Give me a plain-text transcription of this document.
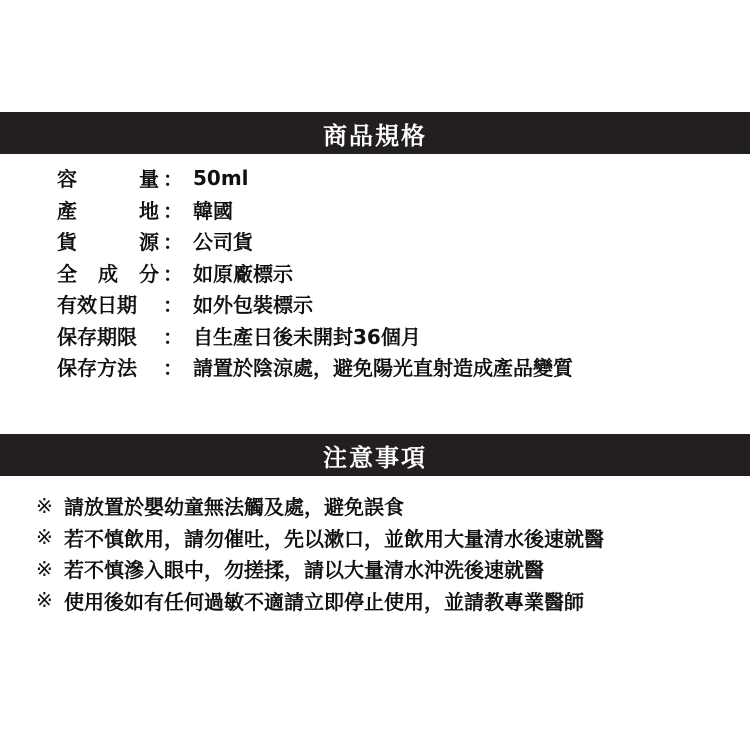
商品規格
容	量 ： 50ml
產	地 ： 韓國
貨	源 ： 公司貨
全 成 分 ： 如原廠標示
有效日期 ： 如外包裝標示
保存期限 ： 自生產日後未開封36個月
保存方法 ： 請置於陰涼處，避免陽光直射造成產品變質
注意事項
※ 請放置於嬰幼童無法觸及處，避免誤食
※ 若不慎飲用，請勿催吐，先以漱口，並飲用大量清水後速就醫
※ 若不慎滲入眼中，勿搓揉，請以大量清水沖洗後速就醫
※ 使用後如有任何過敏不適請立即停止使用，並請教專業醫師
